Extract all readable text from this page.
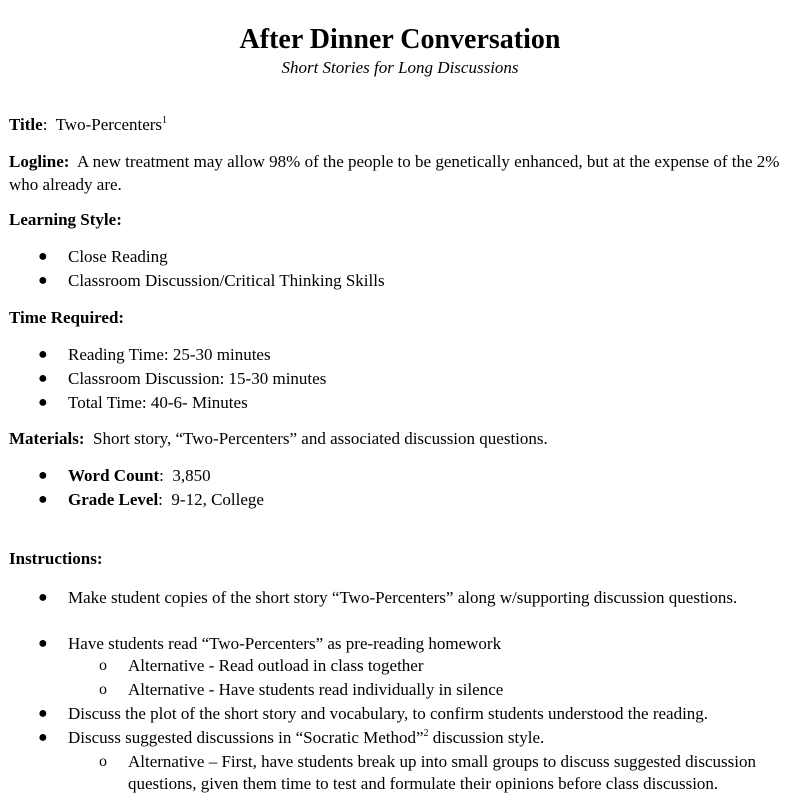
After Dinner Conversation
Short Stories for Long Discussions
Title:  Two-Percenters$^1$
Logline: A new treatment may allow 98% of the people to be genetically enhanced, but at the expense of the 2% who already are.
Learning Style:
● Close Reading
● Classroom Discussion/Critical Thinking Skills
Time Required:
● Reading Time: 25-30 minutes
● Classroom Discussion: 15-30 minutes
● Total Time: 40-6- Minutes
Materials: Short story, “Two-Percenters” and associated discussion questions.
● Word Count:  3,850
● Grade Level:  9-12, College
Instructions:
● Make student copies of the short story “Two-Percenters” along w/supporting discussion questions.
● Have students read “Two-Percenters” as pre-reading homework
o Alternative - Read outload in class together
o Alternative - Have students read individually in silence
● Discuss the plot of the short story and vocabulary, to confirm students understood the reading.
● Discuss suggested discussions in “Socratic Method”$^2$ discussion style.
o Alternative – First, have students break up into small groups to discuss suggested discussion questions, given them time to test and formulate their opinions before class discussion.
